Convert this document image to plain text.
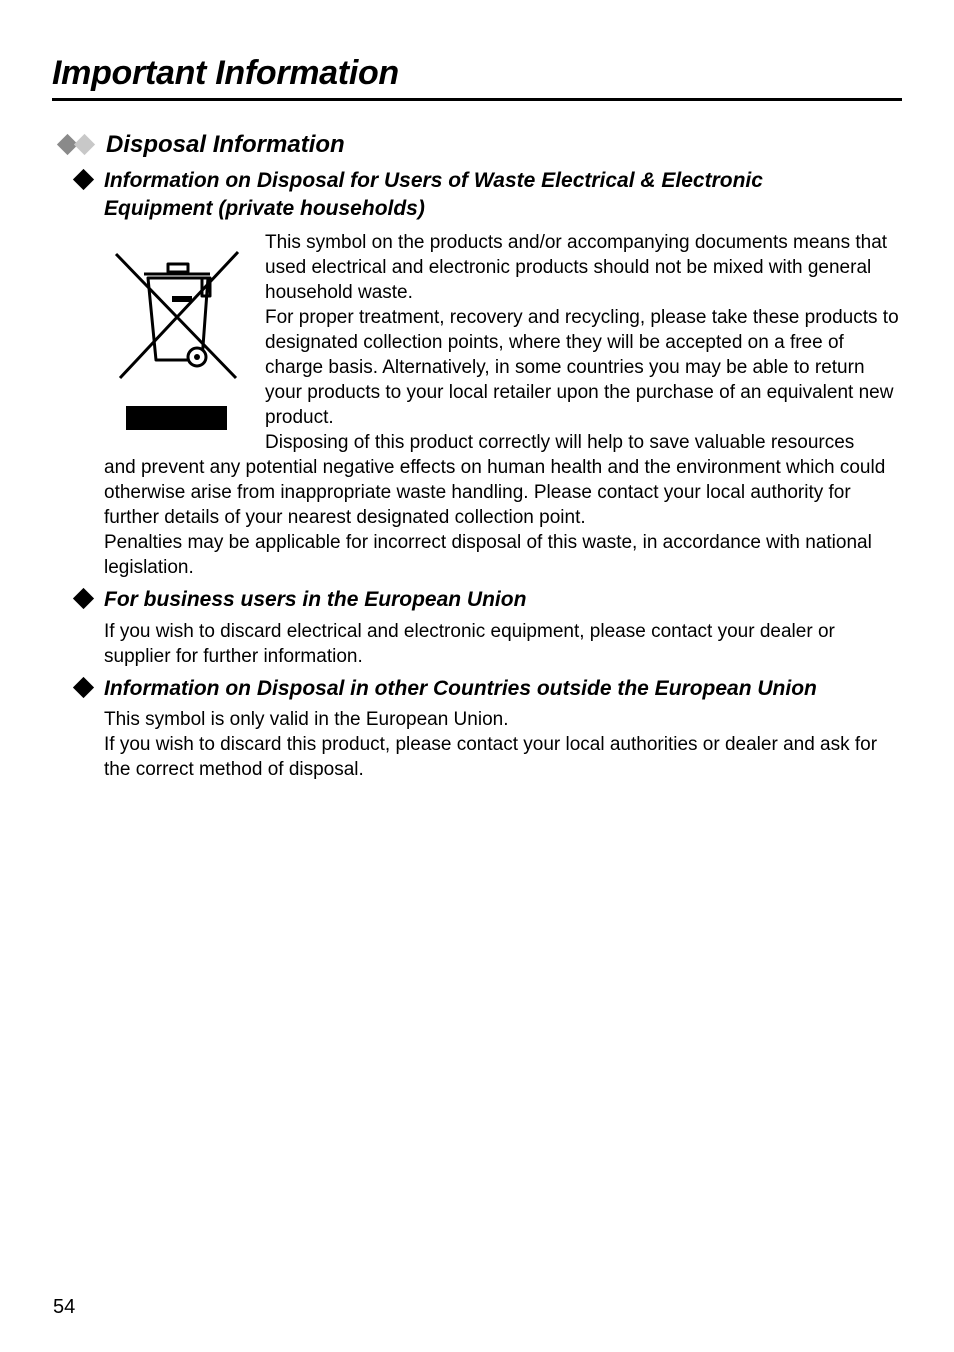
Important Information
Disposal Information
Information on Disposal for Users of Waste Electrical & Electronic
Equipment (private households)

This symbol on the products and/or accompanying documents means that used electrical and electronic products should not be mixed with general household waste.

For proper treatment, recovery and recycling, please take these products to designated collection points, where they will be accepted on a free of charge basis. Alternatively, in some countries you may be able to return your products to your local retailer upon the purchase of an equivalent new product.

Disposing of this product correctly will help to save valuable resources

and prevent any potential negative effects on human health and the environment which could otherwise arise from inappropriate waste handling. Please contact your local authority for further details of your nearest designated collection point.

Penalties may be applicable for incorrect disposal of this waste, in accordance with national legislation.

For business users in the European Union

If you wish to discard electrical and electronic equipment, please contact your dealer or supplier for further information.

Information on Disposal in other Countries outside the European Union

This symbol is only valid in the European Union.

If you wish to discard this product, please contact your local authorities or dealer and ask for the correct method of disposal.

54
